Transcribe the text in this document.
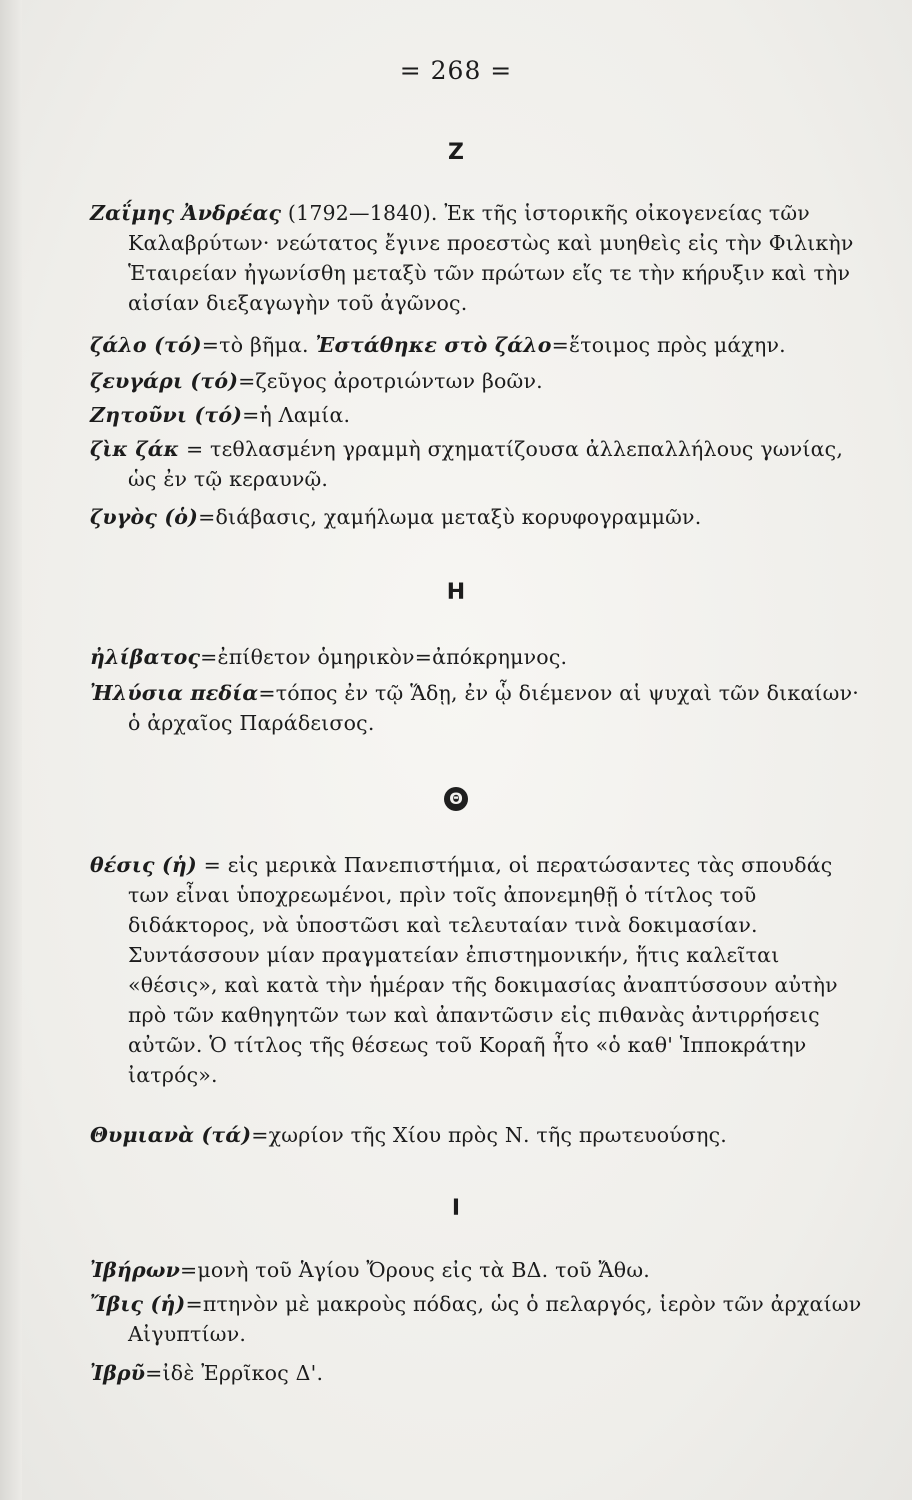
= 268 =
Z
Ζαΐμης Ἀνδρέας (1792—1840). Ἐκ τῆς ἱστορικῆς οἰκογενείας τῶν Καλαβρύτων· νεώτατος ἔγινε προεστὼς καὶ μυηθεὶς εἰς τὴν Φιλικὴν Ἑταιρείαν ἠγωνίσθη μεταξὺ τῶν πρώτων εἴς τε τὴν κήρυξιν καὶ τὴν αἰσίαν διεξαγωγὴν τοῦ ἀγῶνος.
ζάλο (τό)=τὸ βῆμα. Ἐστάθηκε στὸ ζάλο=ἕτοιμος πρὸς μάχην.
ζευγάρι (τό)=ζεῦγος ἀροτριώντων βοῶν.
Ζητοῦνι (τό)=ἡ Λαμία.
ζὶκ ζάκ = τεθλασμένη γραμμὴ σχηματίζουσα ἀλλεπαλλήλους γωνίας, ὡς ἐν τῷ κεραυνῷ.
ζυγὸς (ὁ)=διάβασις, χαμήλωμα μεταξὺ κορυφογραμμῶν.
Η
ἠλίβατος=ἐπίθετον ὁμηρικὸν=ἀπόκρημνος.
Ἠλύσια πεδία=τόπος ἐν τῷ Ἅδῃ, ἐν ᾧ διέμενον αἱ ψυχαὶ τῶν δικαίων· ὁ ἀρχαῖος Παράδεισος.
Θ
θέσις (ἡ) = εἰς μερικὰ Πανεπιστήμια, οἱ περατώσαντες τὰς σπουδάς των εἶναι ὑποχρεωμένοι, πρὶν τοῖς ἀπονεμηθῇ ὁ τίτλος τοῦ διδάκτορος, νὰ ὑποστῶσι καὶ τελευταίαν τινὰ δοκιμασίαν. Συντάσσουν μίαν πραγματείαν ἐπιστημονικήν, ἥτις καλεῖται «θέσις», καὶ κατὰ τὴν ἡμέραν τῆς δοκιμασίας ἀναπτύσσουν αὐτὴν πρὸ τῶν καθηγητῶν των καὶ ἀπαντῶσιν εἰς πιθανὰς ἀντιρρήσεις αὐτῶν. Ὁ τίτλος τῆς θέσεως τοῦ Κοραῆ ἦτο «ὁ καθ' Ἱπποκράτην ἰατρός».
Θυμιανὰ (τά)=χωρίον τῆς Χίου πρὸς Ν. τῆς πρωτευούσης.
Ι
Ἰβήρων=μονὴ τοῦ Ἁγίου Ὄρους εἰς τὰ ΒΔ. τοῦ Ἄθω.
Ἴβις (ἡ)=πτηνὸν μὲ μακροὺς πόδας, ὡς ὁ πελαργός, ἱερὸν τῶν ἀρχαίων Αἰγυπτίων.
Ἰβρῦ=ἰδὲ Ἐρρῖκος Δ'.
